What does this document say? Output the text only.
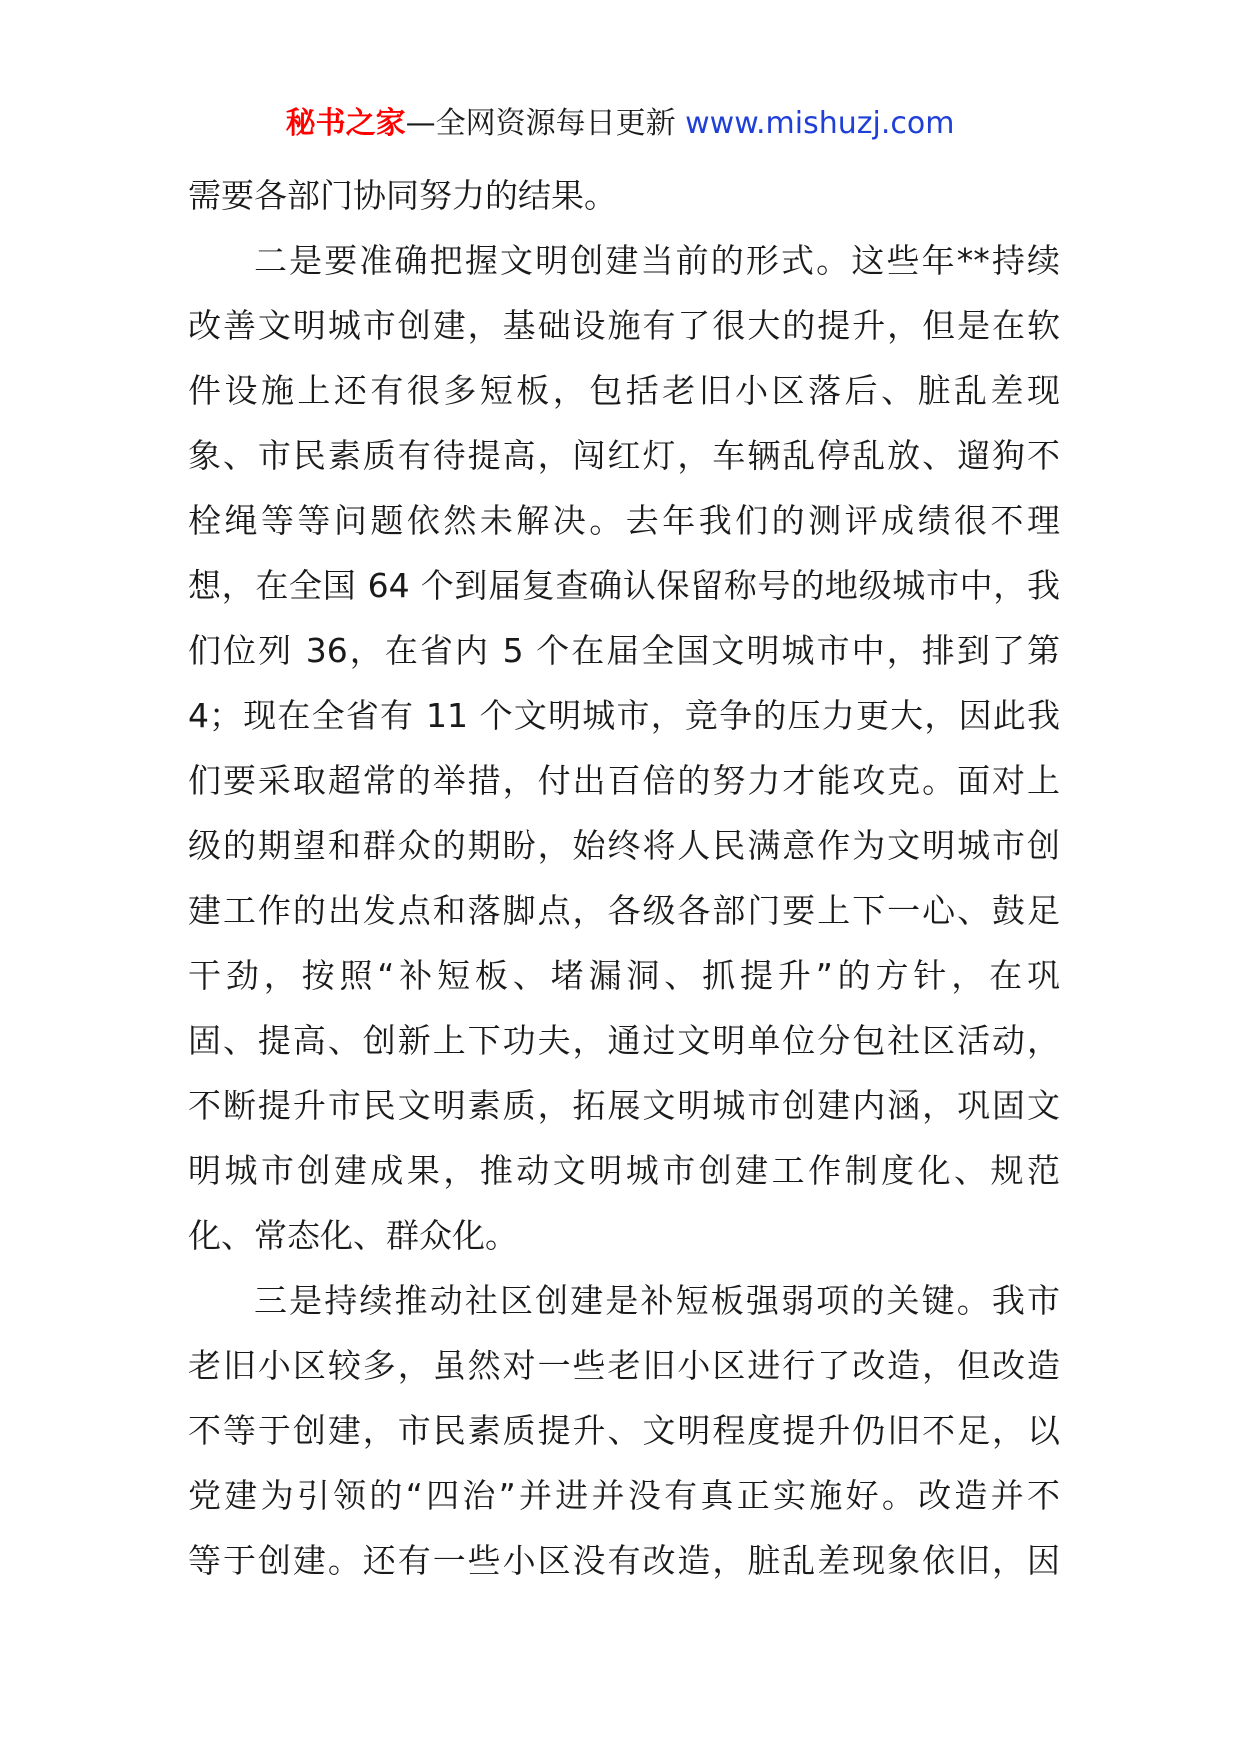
秘书之家—全网资源每日更新 www.mishuzj.com
需要各部门协同努力的结果。
二是要准确把握文明创建当前的形式。这些年**持续
改善文明城市创建，基础设施有了很大的提升，但是在软
件设施上还有很多短板，包括老旧小区落后、脏乱差现
象、市民素质有待提高，闯红灯，车辆乱停乱放、遛狗不
栓绳等等问题依然未解决。去年我们的测评成绩很不理
想，在全国 64 个到届复查确认保留称号的地级城市中，我
们位列 36，在省内 5 个在届全国文明城市中，排到了第
4；现在全省有 11 个文明城市，竞争的压力更大，因此我
们要采取超常的举措，付出百倍的努力才能攻克。面对上
级的期望和群众的期盼，始终将人民满意作为文明城市创
建工作的出发点和落脚点，各级各部门要上下一心、鼓足
干劲，按照“补短板、堵漏洞、抓提升”的方针，在巩
固、提高、创新上下功夫，通过文明单位分包社区活动，
不断提升市民文明素质，拓展文明城市创建内涵，巩固文
明城市创建成果，推动文明城市创建工作制度化、规范
化、常态化、群众化。
三是持续推动社区创建是补短板强弱项的关键。我市
老旧小区较多，虽然对一些老旧小区进行了改造，但改造
不等于创建，市民素质提升、文明程度提升仍旧不足，以
党建为引领的“四治”并进并没有真正实施好。改造并不
等于创建。还有一些小区没有改造，脏乱差现象依旧，因
